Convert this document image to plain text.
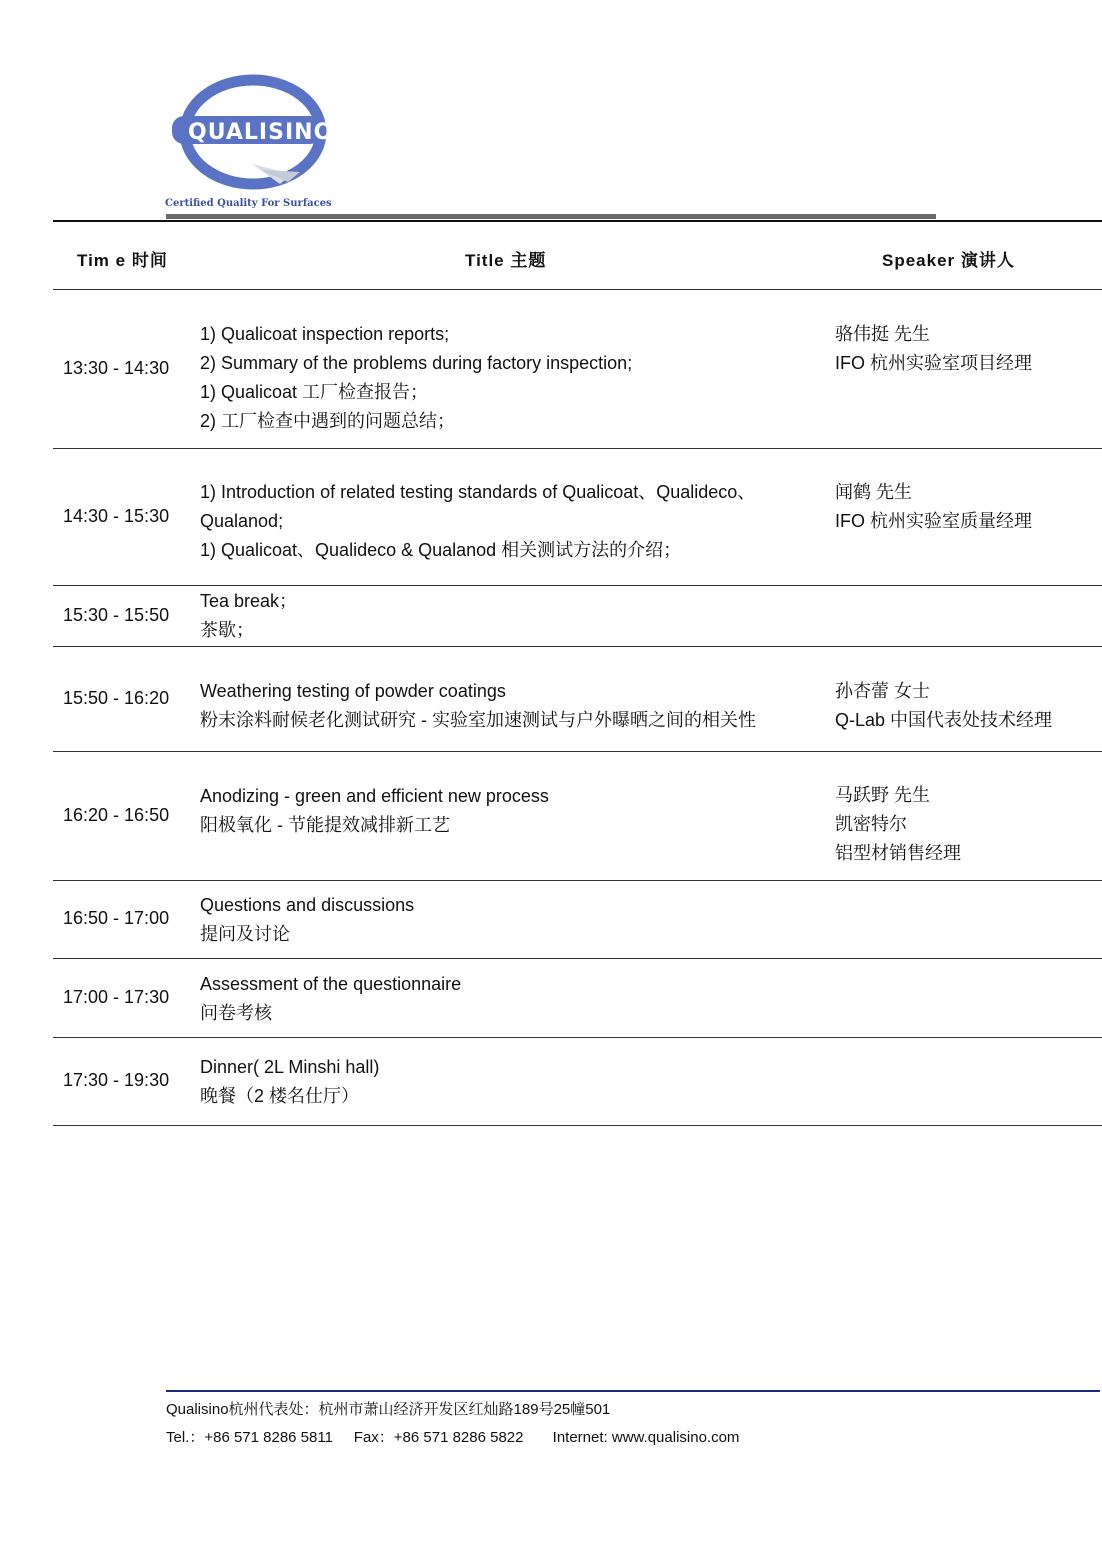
QUALISINO
Certified Quality For Surfaces
Tim e 时间	Title 主题	Speaker 演讲人
13:30 - 14:30
1) Qualicoat inspection reports;
2) Summary of the problems during factory inspection;
1) Qualicoat 工厂检查报告；
2) 工厂检查中遇到的问题总结；
骆伟挺 先生
IFO 杭州实验室项目经理
14:30 - 15:30
1) Introduction of related testing standards of Qualicoat、Qualideco、 Qualanod;
1) Qualicoat、Qualideco & Qualanod 相关测试方法的介绍；
闻鹤 先生
IFO 杭州实验室质量经理
15:30 - 15:50
Tea break；
茶歇；
15:50 - 16:20 Weathering testing of powder coatings
粉末涂料耐候老化测试研究 - 实验室加速测试与户外曝晒之间的相关性
孙杏蕾 女士
Q-Lab 中国代表处技术经理
16:20 - 16:50
Anodizing - green and efficient new process
阳极氧化 - 节能提效减排新工艺
马跃野 先生
凯密特尔
铝型材销售经理
16:50 - 17:00
Questions and discussions
提问及讨论
17:00 - 17:30
Assessment of the questionnaire
问卷考核
17:30 - 19:30
Dinner( 2L Minshi hall)
晚餐（2 楼名仕厅）
Qualisino杭州代表处：杭州市萧山经济开发区红灿路189号25幢501
Tel.：+86 571 8286 5811     Fax：+86 571 8286 5822       Internet: www.qualisino.com
